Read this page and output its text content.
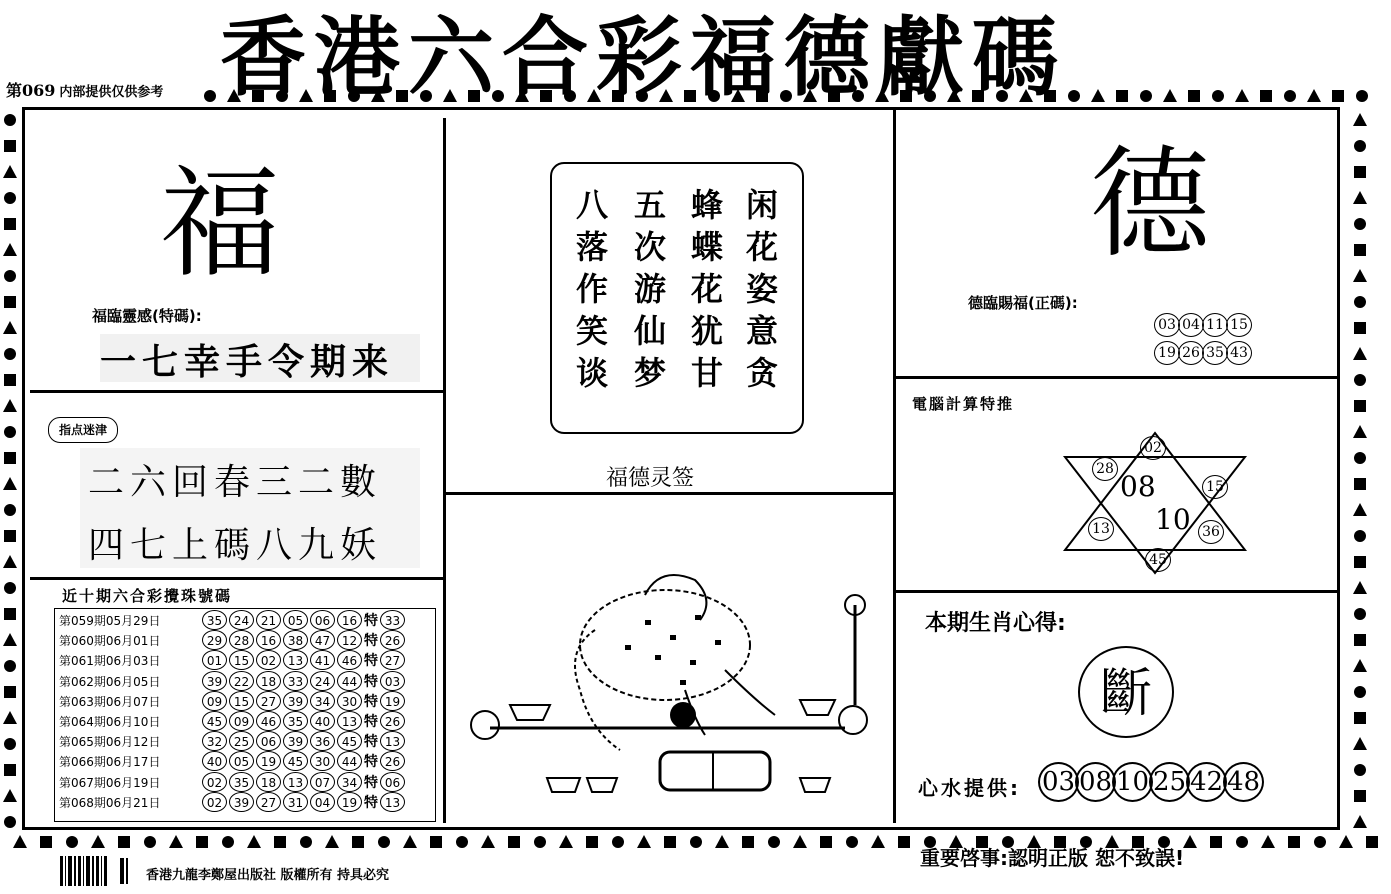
香港六合彩福德獻碼
第069 内部提供仅供参考
福
福臨靈感(特碼):
一七幸手令期来
指点迷津
二六回春三二數
四七上碼八九妖
近十期六合彩攪珠號碼
第059期05月29日	35 24 21 05 06 16 特 33
第060期06月01日	29 28 16 38 47 12 特 26
第061期06月03日	01 15 02 13 41 46 特 27
第062期06月05日	39 22 18 33 24 44 特 03
第063期06月07日	09 15 27 39 34 30 特 19
第064期06月10日	45 09 46 35 40 13 特 26
第065期06月12日	32 25 06 39 36 45 特 13
第066期06月17日	40 05 19 45 30 44 特 26
第067期06月19日	02 35 18 13 07 34 特 06
第068期06月21日	02 39 27 31 04 19 特 13
闲花姿意贪
蜂蝶花犹甘
五次游仙梦
八落作笑谈
福德灵签
德
德臨賜福(正碼):
03 04 11 15
19 26 35 43
電腦計算特推
02
28
15
13	36
45
08
10
本期生肖心得:
斷
心水提供: 03 08 10 25 42 48
香港九龍李鄭屋出版社 版權所有 持具必究
重要啓事:認明正版 恕不致誤!
